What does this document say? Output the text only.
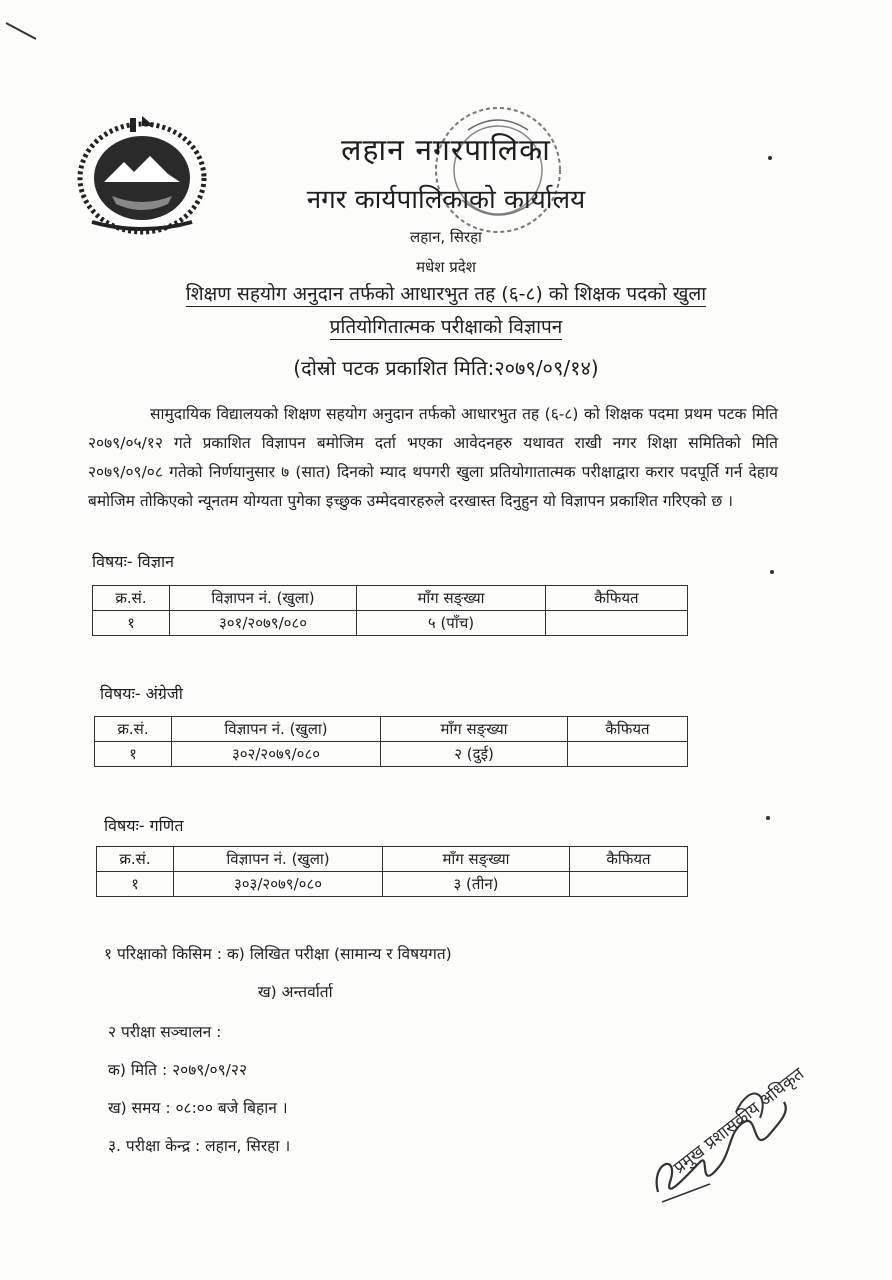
लहान नगरपालिका
नगर कार्यपालिकाको कार्यालय
लहान, सिरहा
मधेश प्रदेश
शिक्षण सहयोग अनुदान तर्फको आधारभुत तह (६-८) को शिक्षक पदको खुला
प्रतियोगितात्मक परीक्षाको विज्ञापन
(दोस्रो पटक प्रकाशित मिति:२०७९/०९/१४)
सामुदायिक विद्यालयको शिक्षण सहयोग अनुदान तर्फको आधारभुत तह (६-८) को शिक्षक पदमा प्रथम पटक मिति २०७९/०५/१२ गते प्रकाशित विज्ञापन बमोजिम दर्ता भएका आवेदनहरु यथावत राखी नगर शिक्षा समितिको मिति २०७९/०९/०८ गतेको निर्णयानुसार ७ (सात) दिनको म्याद थपगरी खुला प्रतियोगातात्मक परीक्षाद्वारा करार पदपूर्ति गर्न देहाय बमोजिम तोकिएको न्यूनतम योग्यता पुगेका इच्छुक उम्मेदवारहरुले दरखास्त दिनुहुन यो विज्ञापन प्रकाशित गरिएको छ ।
विषयः- विज्ञान
क्र.सं.	विज्ञापन नं. (खुला)	माँग सङ्ख्या	कैफियत
१	३०१/२०७९/०८०	५ (पाँच)	
विषयः- अंग्रेजी
क्र.सं.	विज्ञापन नं. (खुला)	माँग सङ्ख्या	कैफियत
१	३०२/२०७९/०८०	२ (दुई)	
विषयः- गणित
क्र.सं.	विज्ञापन नं. (खुला)	माँग सङ्ख्या	कैफियत
१	३०३/२०७९/०८०	३ (तीन)	
१ परिक्षाको किसिम : क) लिखित परीक्षा (सामान्य र विषयगत)
ख) अन्तर्वार्ता
२ परीक्षा सञ्चालन :
क) मिति : २०७९/०९/२२
ख) समय : ०८:०० बजे बिहान ।
३. परीक्षा केन्द्र : लहान, सिरहा ।	प्रमुख प्रशासकीय अधिकृत
